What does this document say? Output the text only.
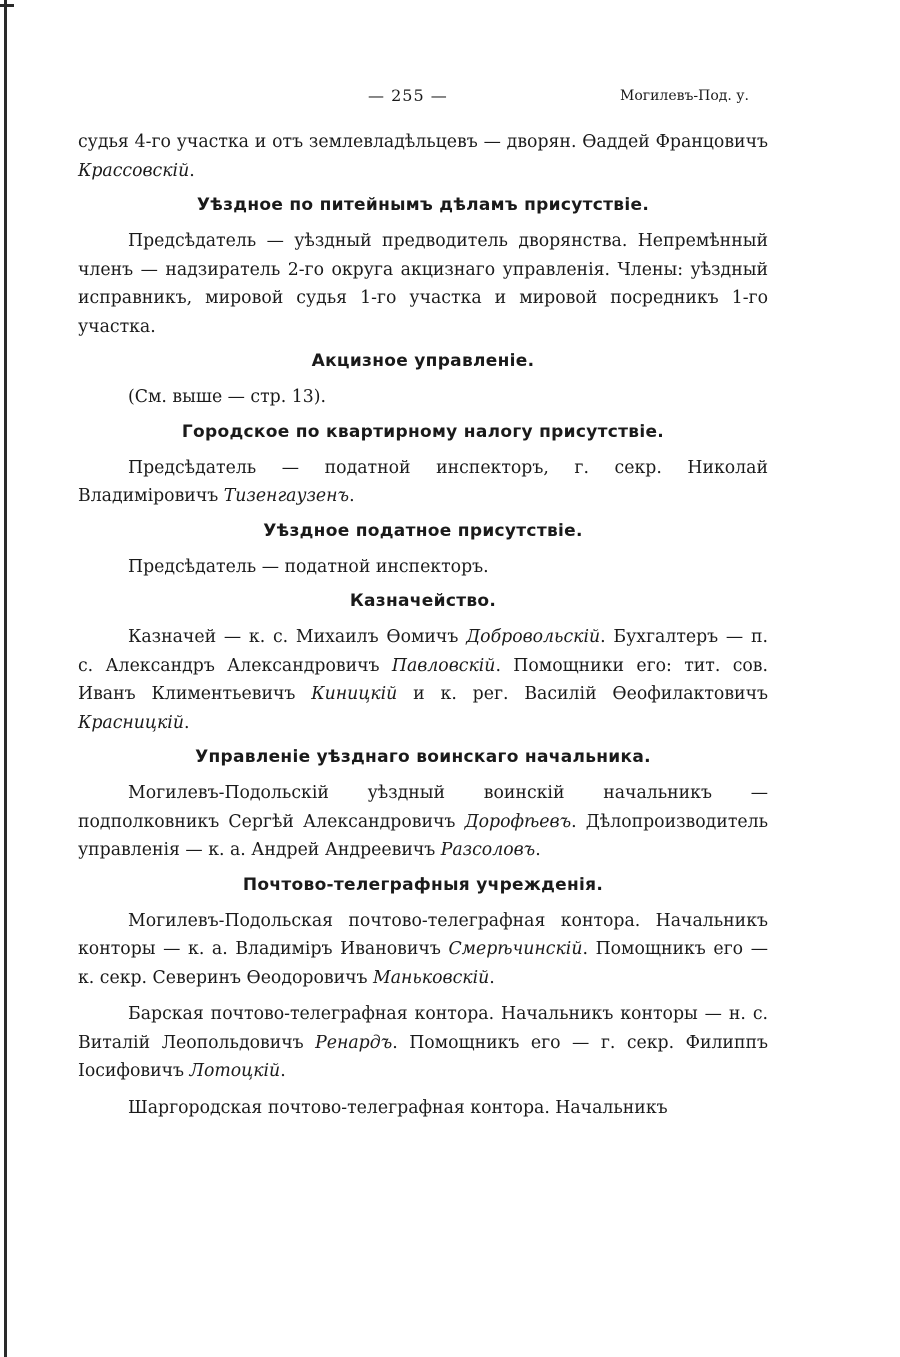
— 255 —	Могилевъ-Под. у.

судья 4-го участка и отъ землевладѣльцевъ — дворян. Ѳаддей Францовичъ Крассовскій.

Уѣздное по питейнымъ дѣламъ присутствіе.

Предсѣдатель — уѣздный предводитель дворянства. Непремѣнный членъ — надзиратель 2-го округа акцизнаго управленія. Члены: уѣздный исправникъ, мировой судья 1-го участка и мировой посредникъ 1-го участка.

Акцизное управленіе.

(См. выше — стр. 13).

Городское по квартирному налогу присутствіе.

Предсѣдатель — податной инспекторъ, г. секр. Николай Владиміровичъ Тизенгаузенъ.

Уѣздное податное присутствіе.

Предсѣдатель — податной инспекторъ.

Казначейство.

Казначей — к. с. Михаилъ Ѳомичъ Добровольскій. Бухгалтеръ — п. с. Александръ Александровичъ Павловскій. Помощники его: тит. сов. Иванъ Климентьевичъ Киницкій и к. рег. Василій Ѳеофилактовичъ Красницкій.

Управленіе уѣзднаго воинскаго начальника.

Могилевъ-Подольскій уѣздный воинскій начальникъ — подполковникъ Сергѣй Александровичъ Дорофѣевъ. Дѣлопроизводитель управленія — к. а. Андрей Андреевичъ Разсоловъ.

Почтово-телеграфныя учрежденія.

Могилевъ-Подольская почтово-телеграфная контора. Начальникъ конторы — к. а. Владиміръ Ивановичъ Смерѣчинскій. Помощникъ его — к. секр. Северинъ Ѳеодоровичъ Маньковскій.

Барская почтово-телеграфная контора. Начальникъ конторы — н. с. Виталій Леопольдовичъ Ренардъ. Помощникъ его — г. секр. Филиппъ Іосифовичъ Лотоцкій.

Шаргородская почтово-телеграфная контора. Начальникъ
